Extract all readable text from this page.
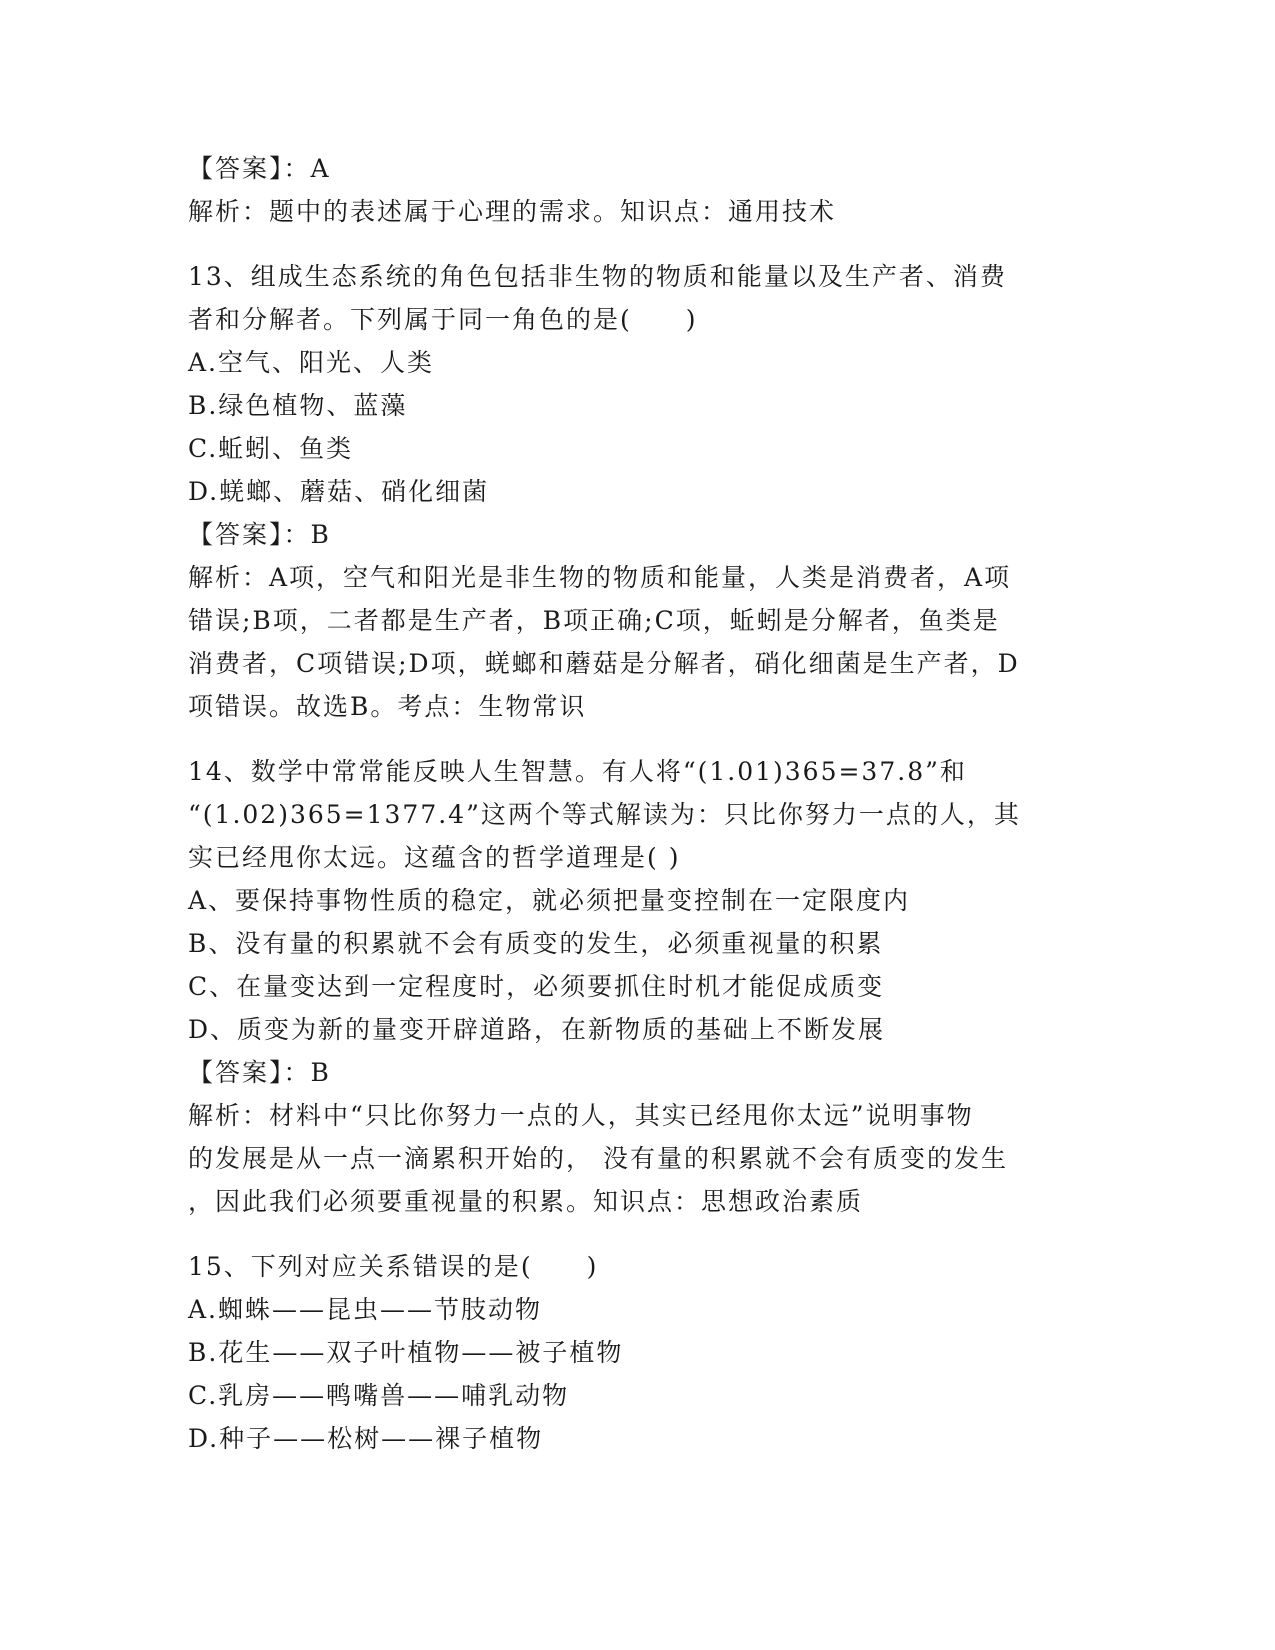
【答案】：A
解析：题中的表述属于心理的需求。知识点：通用技术
13、组成生态系统的角色包括非生物的物质和能量以及生产者、消费
者和分解者。下列属于同一角色的是(　　)
A.空气、阳光、人类
B.绿色植物、蓝藻
C.蚯蚓、鱼类
D.蜣螂、蘑菇、硝化细菌
【答案】：B
解析：A项，空气和阳光是非生物的物质和能量，人类是消费者，A项
错误;B项，二者都是生产者，B项正确;C项，蚯蚓是分解者，鱼类是
消费者，C项错误;D项，蜣螂和蘑菇是分解者，硝化细菌是生产者，D
项错误。故选B。考点：生物常识
14、数学中常常能反映人生智慧。有人将“(1.01)365=37.8”和
“(1.02)365=1377.4”这两个等式解读为：只比你努力一点的人，其
实已经甩你太远。这蕴含的哲学道理是( )
A、要保持事物性质的稳定，就必须把量变控制在一定限度内
B、没有量的积累就不会有质变的发生，必须重视量的积累
C、在量变达到一定程度时，必须要抓住时机才能促成质变
D、质变为新的量变开辟道路，在新物质的基础上不断发展
【答案】：B
解析：材料中“只比你努力一点的人，其实已经甩你太远”说明事物
的发展是从一点一滴累积开始的， 没有量的积累就不会有质变的发生
，因此我们必须要重视量的积累。知识点：思想政治素质
15、下列对应关系错误的是(　　)
A.蜘蛛——昆虫——节肢动物
B.花生——双子叶植物——被子植物
C.乳房——鸭嘴兽——哺乳动物
D.种子——松树——裸子植物
